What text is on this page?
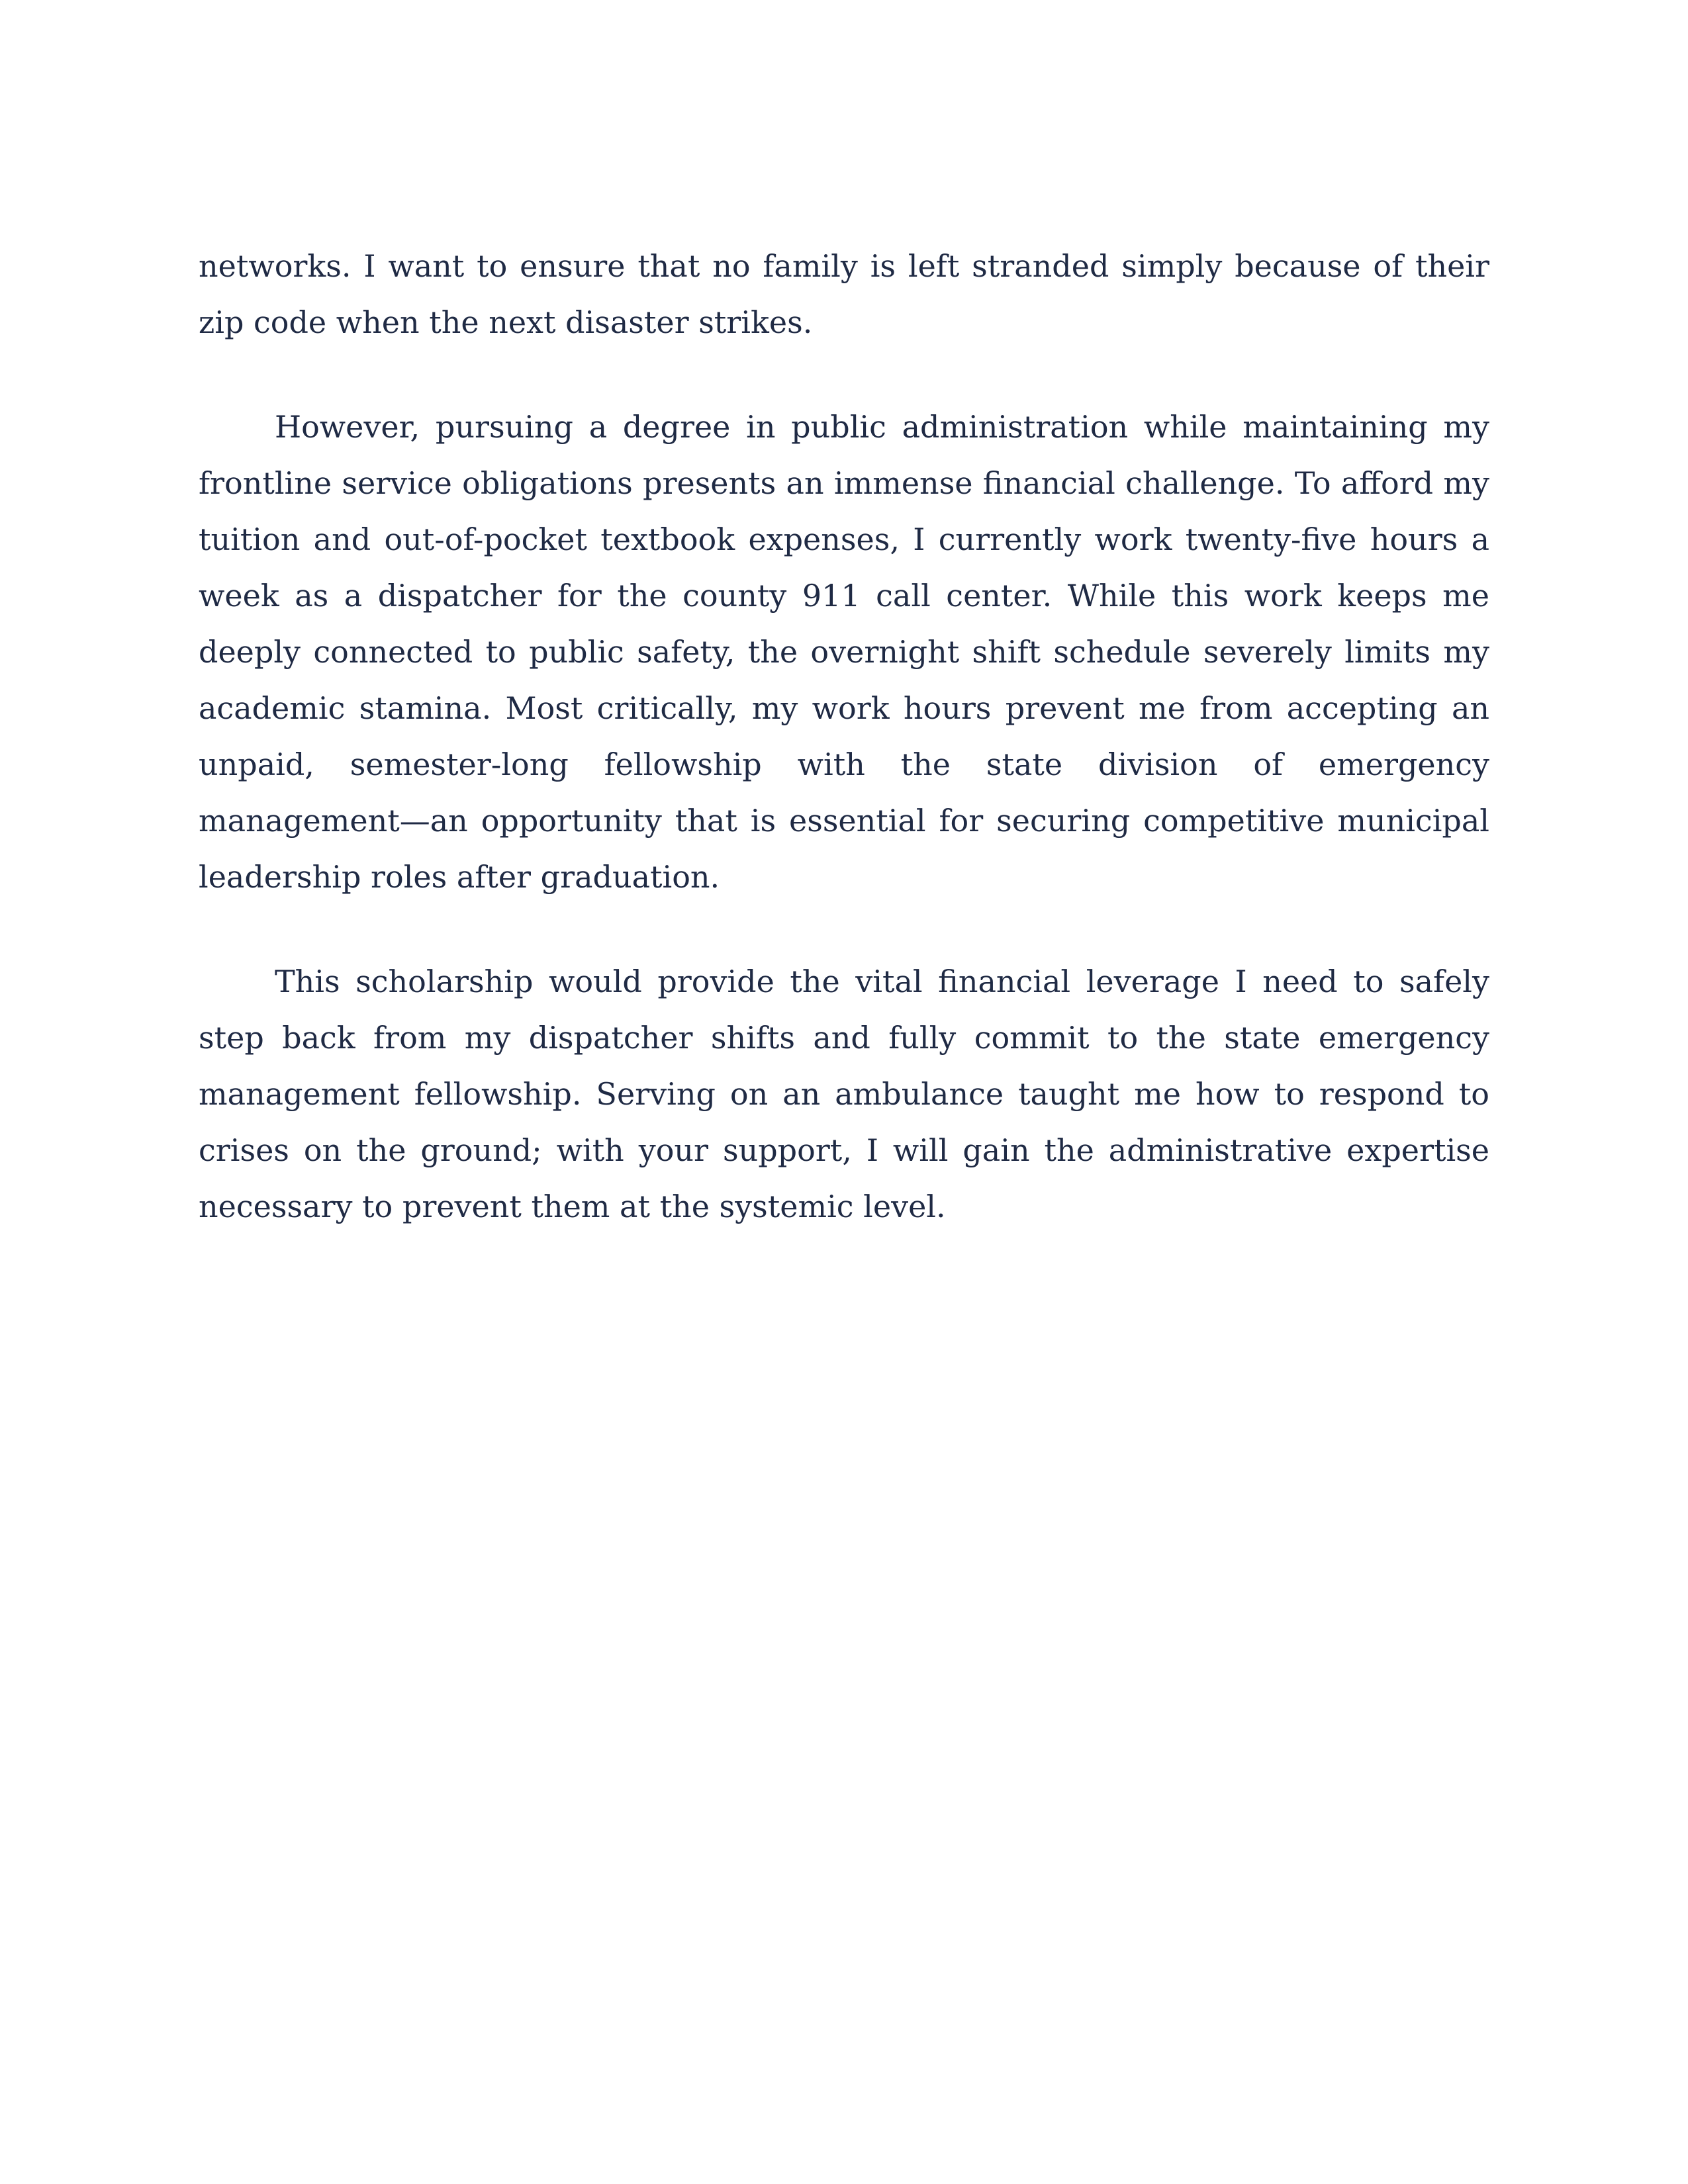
networks. I want to ensure that no family is left stranded simply because of their zip code when the next disaster strikes.

However, pursuing a degree in public administration while maintaining my frontline service obligations presents an immense financial challenge. To afford my tuition and out-of-pocket textbook expenses, I currently work twenty-five hours a week as a dispatcher for the county 911 call center. While this work keeps me deeply connected to public safety, the overnight shift schedule severely limits my academic stamina. Most critically, my work hours prevent me from accepting an unpaid, semester-long fellowship with the state division of emergency management—an opportunity that is essential for securing competitive municipal leadership roles after graduation.

This scholarship would provide the vital financial leverage I need to safely step back from my dispatcher shifts and fully commit to the state emergency management fellowship. Serving on an ambulance taught me how to respond to crises on the ground; with your support, I will gain the administrative expertise necessary to prevent them at the systemic level.
